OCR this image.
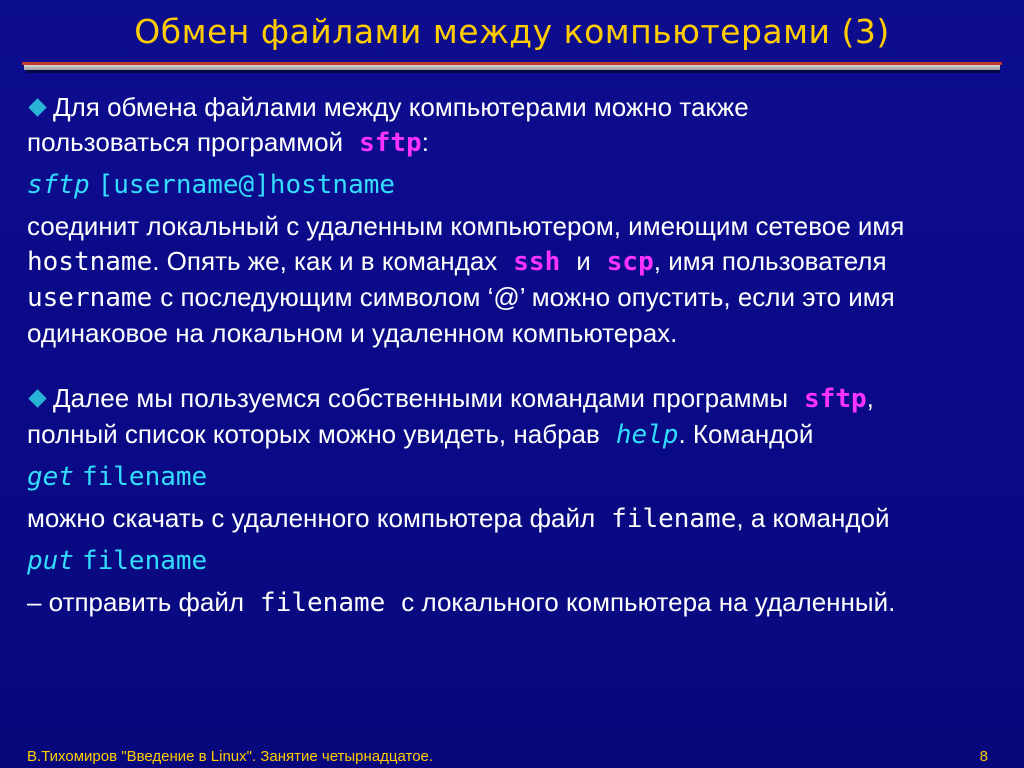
Обмен файлами между компьютерами (3)
Для обмена файлами между компьютерами можно также
пользоваться программой sftp:
sftp [username@]hostname
соединит локальный с удаленным компьютером, имеющим сетевое имя
hostname. Опять же, как и в командах ssh и scp, имя пользователя
username с последующим символом ‘@’ можно опустить, если это имя
одинаковое на локальном и удаленном компьютерах.
Далее мы пользуемся собственными командами программы sftp,
полный список которых можно увидеть, набрав help. Командой
get filename
можно скачать с удаленного компьютера файл filename, а командой
put filename
– отправить файл filename с локального компьютера на удаленный.
В.Тихомиров "Введение в Linux". Занятие четырнадцатое.	8
